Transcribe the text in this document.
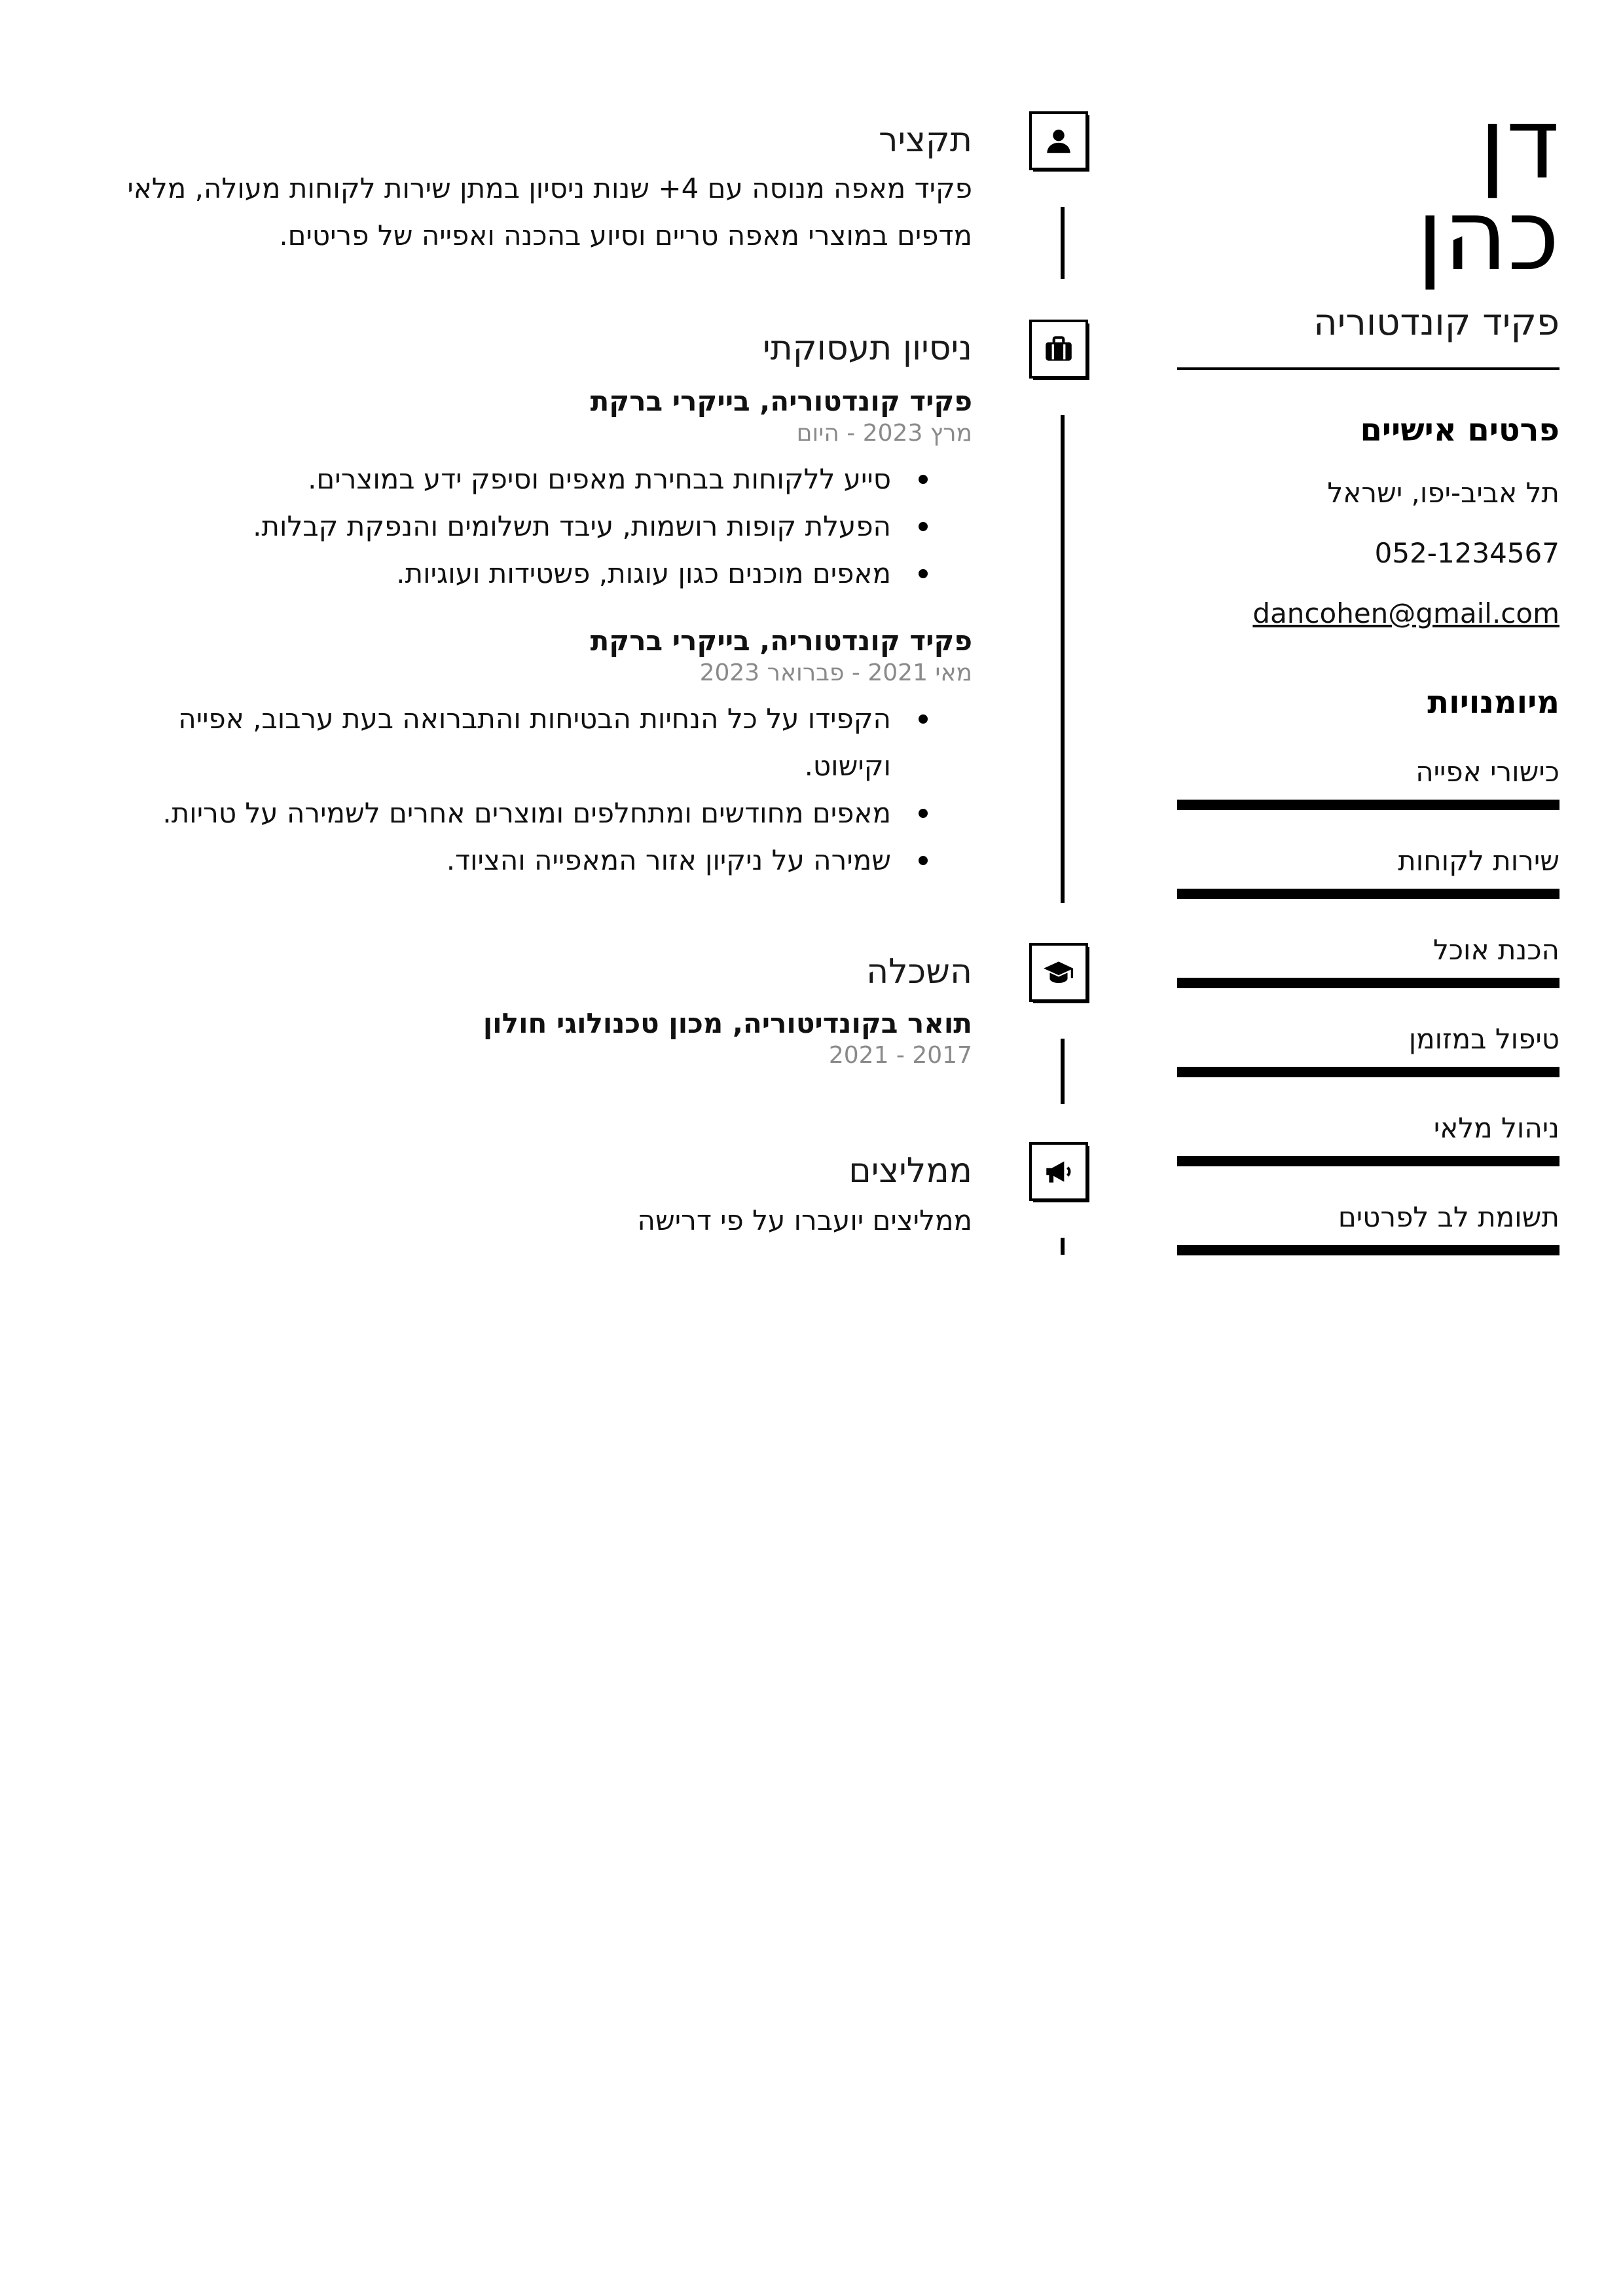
דן
כהן
פקיד קונדטוריה
פרטים אישיים
תל אביב-יפו, ישראל
052-1234567
dancohen@gmail.com
מיומנויות
כישורי אפייה
שירות לקוחות
הכנת אוכל
טיפול במזומן
ניהול מלאי
תשומת לב לפרטים
תקציר
פקיד מאפה מנוסה עם 4+ שנות ניסיון במתן שירות לקוחות מעולה, מלאי מדפים במוצרי מאפה טריים וסיוע בהכנה ואפייה של פריטים.
ניסיון תעסוקתי
פקיד קונדטוריה, בייקרי ברקת
מרץ 2023 - היום
סייע ללקוחות בבחירת מאפים וסיפק ידע במוצרים.
הפעלת קופות רושמות, עיבד תשלומים והנפקת קבלות.
מאפים מוכנים כגון עוגות, פשטידות ועוגיות.
פקיד קונדטוריה, בייקרי ברקת
מאי 2021 - פברואר 2023
הקפידו על כל הנחיות הבטיחות והתברואה בעת ערבוב, אפייה וקישוט.
מאפים מחודשים ומתחלפים ומוצרים אחרים לשמירה על טריות.
שמירה על ניקיון אזור המאפייה והציוד.
השכלה
תואר בקונדיטוריה, מכון טכנולוגי חולון
2017 - 2021
ממליצים
ממליצים יועברו על פי דרישה
